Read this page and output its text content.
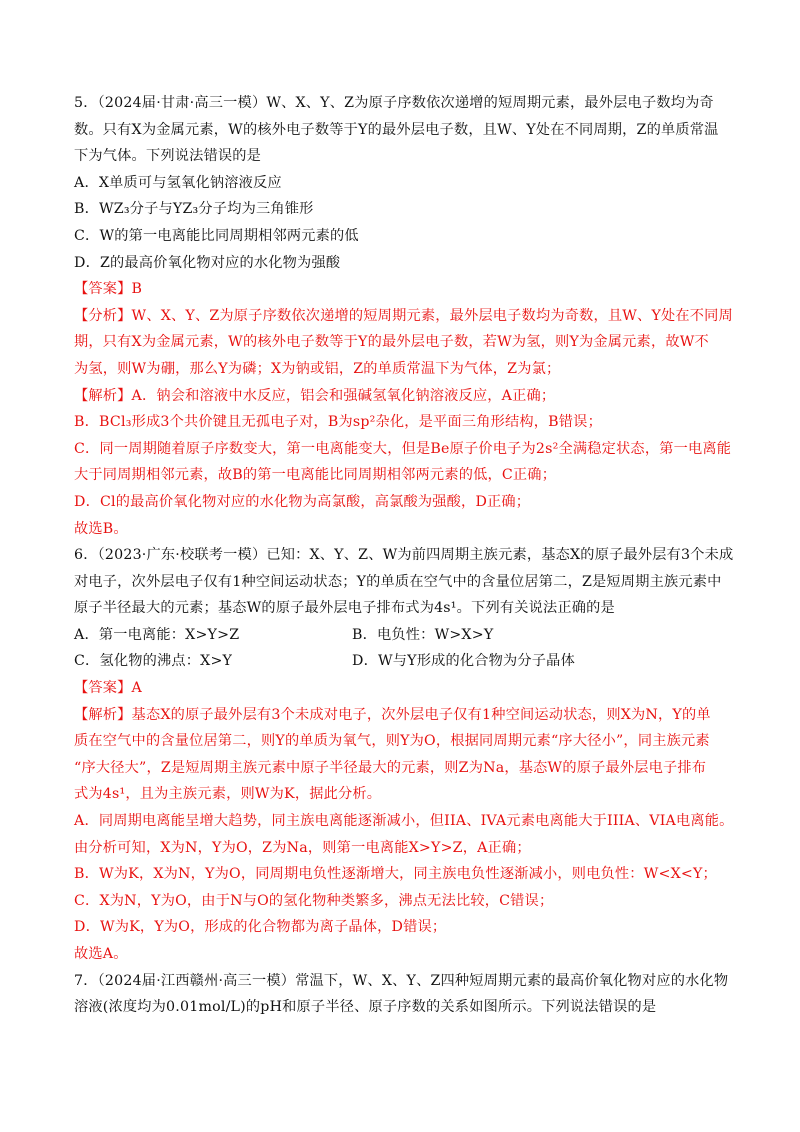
5．（2024届·甘肃·高三一模）W、X、Y、Z为原子序数依次递增的短周期元素，最外层电子数均为奇
数。只有X为金属元素，W的核外电子数等于Y的最外层电子数，且W、Y处在不同周期，Z的单质常温
下为气体。下列说法错误的是
A．X单质可与氢氧化钠溶液反应
B．WZ₃分子与YZ₃分子均为三角锥形
C．W的第一电离能比同周期相邻两元素的低
D．Z的最高价氧化物对应的水化物为强酸
【答案】B
【分析】W、X、Y、Z为原子序数依次递增的短周期元素，最外层电子数均为奇数，且W、Y处在不同周
期，只有X为金属元素，W的核外电子数等于Y的最外层电子数，若W为氢，则Y为金属元素，故W不
为氢，则W为硼，那么Y为磷；X为钠或铝，Z的单质常温下为气体，Z为氯；
【解析】A．钠会和溶液中水反应，铝会和强碱氢氧化钠溶液反应，A正确；
B．BCl₃形成3个共价键且无孤电子对，B为sp²杂化，是平面三角形结构，B错误；
C．同一周期随着原子序数变大，第一电离能变大，但是Be原子价电子为2s²全满稳定状态，第一电离能
大于同周期相邻元素，故B的第一电离能比同周期相邻两元素的低，C正确；
D．Cl的最高价氧化物对应的水化物为高氯酸，高氯酸为强酸，D正确；
故选B。
6．（2023·广东·校联考一模）已知：X、Y、Z、W为前四周期主族元素，基态X的原子最外层有3个未成
对电子，次外层电子仅有1种空间运动状态；Y的单质在空气中的含量位居第二，Z是短周期主族元素中
原子半径最大的元素；基态W的原子最外层电子排布式为4s¹。下列有关说法正确的是
A．第一电离能：X>Y>Z	B．电负性：W>X>Y
C．氢化物的沸点：X>Y	D．W与Y形成的化合物为分子晶体
【答案】A
【解析】基态X的原子最外层有3个未成对电子，次外层电子仅有1种空间运动状态，则X为N，Y的单
质在空气中的含量位居第二，则Y的单质为氧气，则Y为O，根据同周期元素“序大径小”，同主族元素
“序大径大”，Z是短周期主族元素中原子半径最大的元素，则Z为Na，基态W的原子最外层电子排布
式为4s¹，且为主族元素，则W为K，据此分析。
A．同周期电离能呈增大趋势，同主族电离能逐渐减小，但IIA、IVA元素电离能大于IIIA、VIA电离能。
由分析可知，X为N，Y为O，Z为Na，则第一电离能X>Y>Z，A正确；
B．W为K，X为N，Y为O，同周期电负性逐渐增大，同主族电负性逐渐减小，则电负性：W<X<Y；
C．X为N，Y为O，由于N与O的氢化物种类繁多，沸点无法比较，C错误；
D．W为K，Y为O，形成的化合物都为离子晶体，D错误；
故选A。
7．（2024届·江西赣州·高三一模）常温下，W、X、Y、Z四种短周期元素的最高价氧化物对应的水化物
溶液(浓度均为0.01mol/L)的pH和原子半径、原子序数的关系如图所示。下列说法错误的是
